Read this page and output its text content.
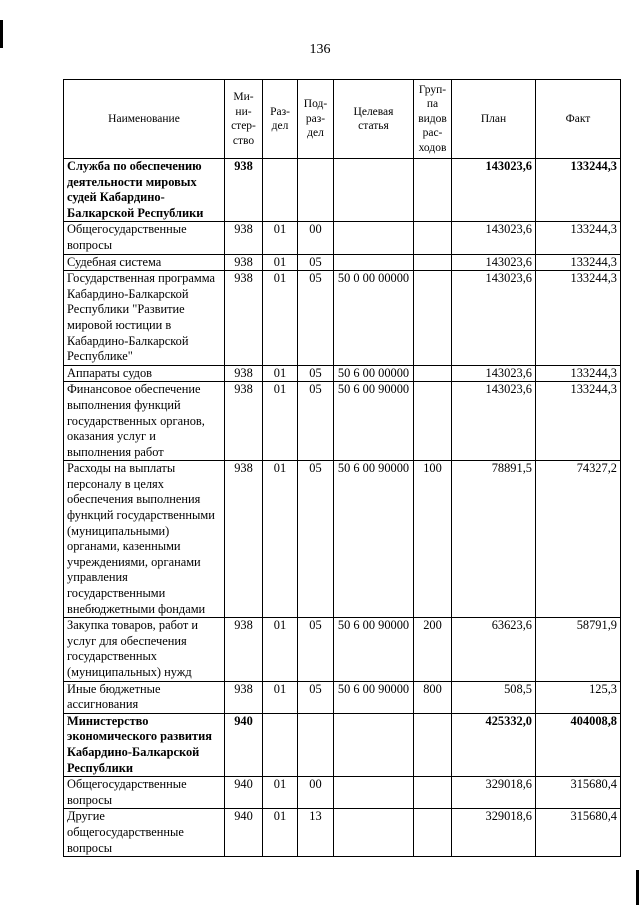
136
Наименование	Ми-
ни-
стер-
ство	Раз-
дел	Под-
раз-
дел	Целевая
статья	Груп-
па
видов
рас-
ходов	План	Факт
Служба по обеспечению деятельности мировых судей Кабардино-Балкарской Республики	938					143023,6	133244,3
Общегосударственные вопросы	938	01	00			143023,6	133244,3
Судебная система	938	01	05			143023,6	133244,3
Государственная программа Кабардино-Балкарской Республики "Развитие мировой юстиции в Кабардино-Балкарской Республике"	938	01	05	50 0 00 00000		143023,6	133244,3
Аппараты судов	938	01	05	50 6 00 00000		143023,6	133244,3
Финансовое обеспечение выполнения функций государственных органов, оказания услуг и выполнения работ	938	01	05	50 6 00 90000		143023,6	133244,3
Расходы на выплаты персоналу в целях обеспечения выполнения функций государственными (муниципальными) органами, казенными учреждениями, органами управления государственными внебюджетными фондами	938	01	05	50 6 00 90000	100	78891,5	74327,2
Закупка товаров, работ и услуг для обеспечения государственных (муниципальных) нужд	938	01	05	50 6 00 90000	200	63623,6	58791,9
Иные бюджетные ассигнования	938	01	05	50 6 00 90000	800	508,5	125,3
Министерство экономического развития Кабардино-Балкарской Республики	940					425332,0	404008,8
Общегосударственные вопросы	940	01	00			329018,6	315680,4
Другие общегосударственные вопросы	940	01	13			329018,6	315680,4
